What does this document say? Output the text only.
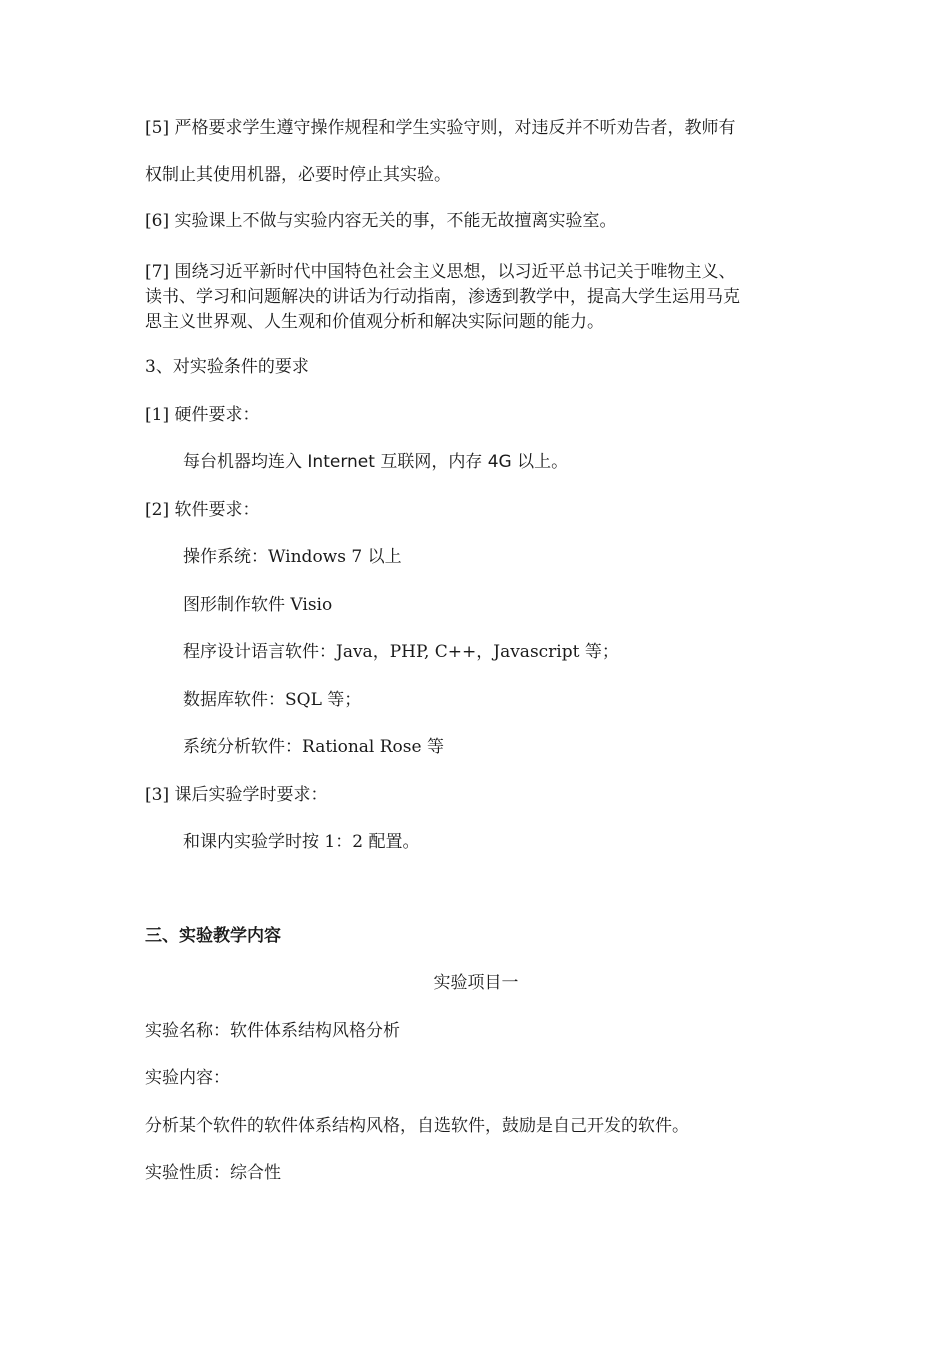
[5] 严格要求学生遵守操作规程和学生实验守则，对违反并不听劝告者，教师有

权制止其使用机器，必要时停止其实验。

[6] 实验课上不做与实验内容无关的事，不能无故擅离实验室。

[7] 围绕习近平新时代中国特色社会主义思想，以习近平总书记关于唯物主义、

读书、学习和问题解决的讲话为行动指南，渗透到教学中，提高大学生运用马克

思主义世界观、人生观和价值观分析和解决实际问题的能力。

3、对实验条件的要求

[1] 硬件要求：

每台机器均连入 Internet 互联网，内存 4G 以上。

[2] 软件要求：

操作系统：Windows 7 以上

图形制作软件 Visio

程序设计语言软件：Java，PHP, C++，Javascript 等；

数据库软件：SQL 等；

系统分析软件：Rational Rose 等

[3] 课后实验学时要求：

和课内实验学时按 1：2 配置。

三、实验教学内容

实验项目一

实验名称：软件体系结构风格分析

实验内容：

分析某个软件的软件体系结构风格，自选软件，鼓励是自己开发的软件。

实验性质：综合性
